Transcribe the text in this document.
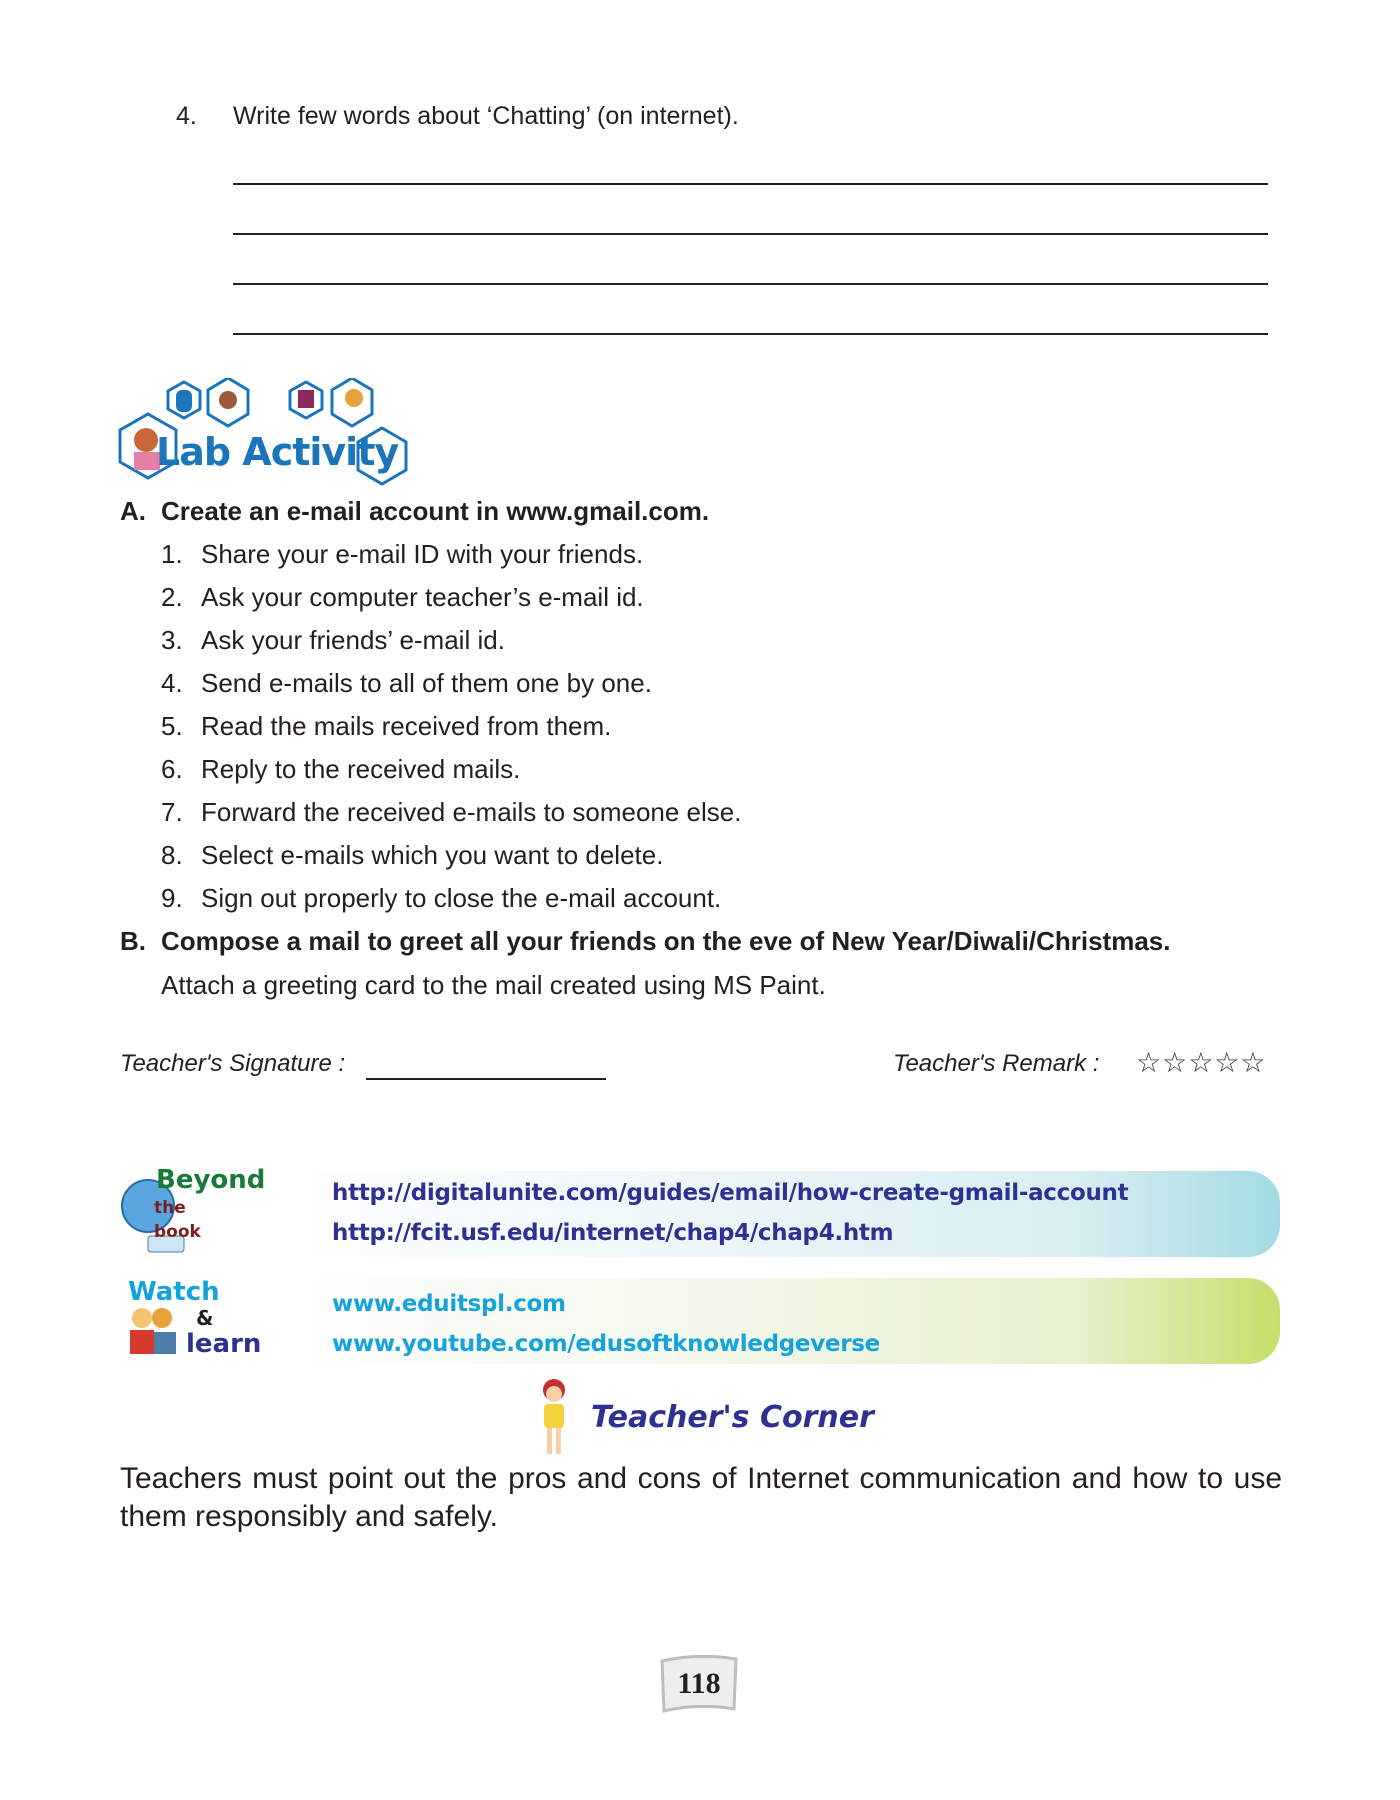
4. Write few words about ‘Chatting’ (on internet).
Lab Activity
A. Create an e-mail account in www.gmail.com.
1. Share your e-mail ID with your friends.
2. Ask your computer teacher’s e-mail id.
3. Ask your friends’ e-mail id.
4. Send e-mails to all of them one by one.
5. Read the mails received from them.
6. Reply to the received mails.
7. Forward the received e-mails to someone else.
8. Select e-mails which you want to delete.
9. Sign out properly to close the e-mail account.
B. Compose a mail to greet all your friends on the eve of New Year/Diwali/Christmas.
Attach a greeting card to the mail created using MS Paint.
Teacher's Signature :	Teacher's Remark : ☆☆☆☆☆
Beyond
the book
http://digitalunite.com/guides/email/how-create-gmail-account
http://fcit.usf.edu/internet/chap4/chap4.htm
Watch
&
learn
www.eduitspl.com
www.youtube.com/edusoftknowledgeverse
Teacher's Corner
Teachers must point out the pros and cons of Internet communication and how to use them responsibly and safely.
118
